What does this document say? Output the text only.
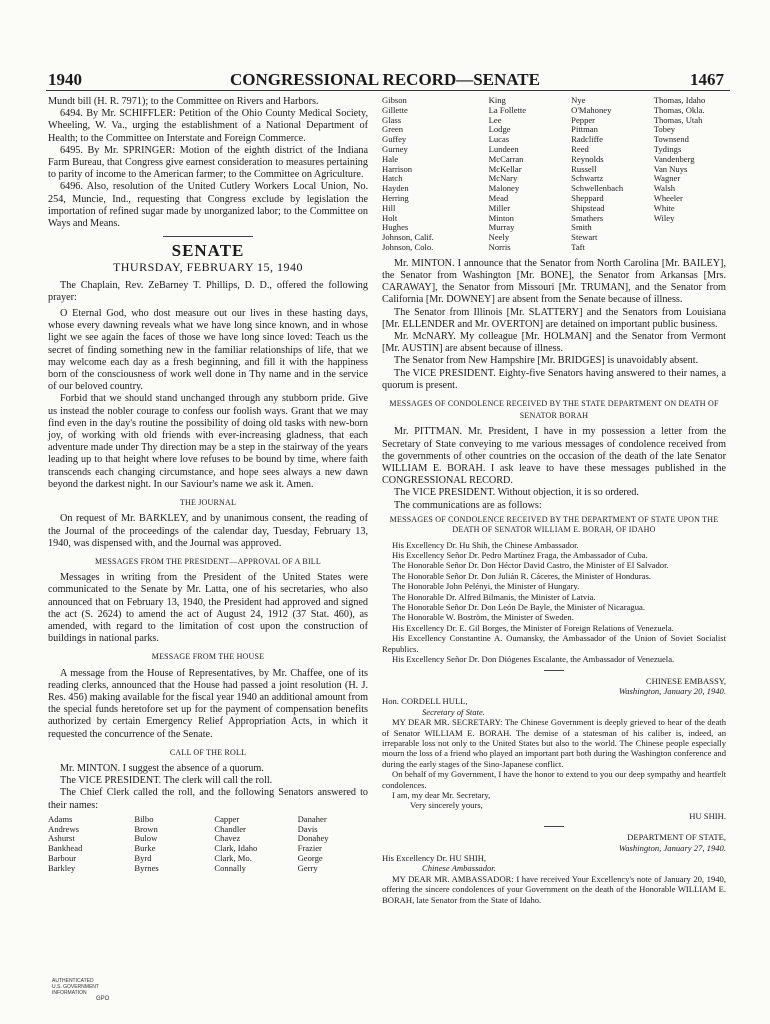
1940	CONGRESSIONAL RECORD—SENATE	1467

Mundt bill (H. R. 7971); to the Committee on Rivers and Harbors.

6494. By Mr. SCHIFFLER: Petition of the Ohio County Medical Society, Wheeling, W. Va., urging the establishment of a National Department of Health; to the Committee on Interstate and Foreign Commerce.

6495. By Mr. SPRINGER: Motion of the eighth district of the Indiana Farm Bureau, that Congress give earnest consideration to measures pertaining to parity of income to the American farmer; to the Committee on Agriculture.

6496. Also, resolution of the United Cutlery Workers Local Union, No. 254, Muncie, Ind., requesting that Congress exclude by legislation the importation of refined sugar made by unorganized labor; to the Committee on Ways and Means.

SENATE
THURSDAY, FEBRUARY 15, 1940

The Chaplain, Rev. ZeBarney T. Phillips, D. D., offered the following prayer:

O Eternal God, who dost measure out our lives in these hasting days, whose every dawning reveals what we have long since known, and in whose light we see again the faces of those we have long since loved: Teach us the secret of finding something new in the familiar relationships of life, that we may welcome each day as a fresh beginning, and fill it with the happiness born of the consciousness of work well done in Thy name and in the service of our beloved country.

Forbid that we should stand unchanged through any stubborn pride. Give us instead the nobler courage to confess our foolish ways. Grant that we may find even in the day's routine the possibility of doing old tasks with new-born joy, of working with old friends with ever-increasing gladness, that each adventure made under Thy direction may be a step in the stairway of the years leading up to that height where love refuses to be bound by time, where faith transcends each changing circumstance, and hope sees always a new dawn beyond the darkest night. In our Saviour's name we ask it. Amen.

THE JOURNAL

On request of Mr. BARKLEY, and by unanimous consent, the reading of the Journal of the proceedings of the calendar day, Tuesday, February 13, 1940, was dispensed with, and the Journal was approved.

MESSAGES FROM THE PRESIDENT—APPROVAL OF A BILL

Messages in writing from the President of the United States were communicated to the Senate by Mr. Latta, one of his secretaries, who also announced that on February 13, 1940, the President had approved and signed the act (S. 2624) to amend the act of August 24, 1912 (37 Stat. 460), as amended, with regard to the limitation of cost upon the construction of buildings in national parks.

MESSAGE FROM THE HOUSE

A message from the House of Representatives, by Mr. Chaffee, one of its reading clerks, announced that the House had passed a joint resolution (H. J. Res. 456) making available for the fiscal year 1940 an additional amount from the special funds heretofore set up for the payment of compensation benefits authorized by certain Emergency Relief Appropriation Acts, in which it requested the concurrence of the Senate.

CALL OF THE ROLL

Mr. MINTON. I suggest the absence of a quorum.

The VICE PRESIDENT. The clerk will call the roll.

The Chief Clerk called the roll, and the following Senators answered to their names:

Adams
Andrews
Ashurst
Bankhead
Barbour
Barkley
Bilbo
Brown
Bulow
Burke
Byrd
Byrnes
Capper
Chandler
Chavez
Clark, Idaho
Clark, Mo.
Connally
Danaher
Davis
Donahey
Frazier
George
Gerry
AUTHENTICATED
U.S. GOVERNMENT
INFORMATION
GPO
Gibson
Gillette
Glass
Green
Guffey
Gurney
Hale
Harrison
Hatch
Hayden
Herring
Hill
Holt
Hughes
Johnson, Calif.
Johnson, Colo.
King
La Follette
Lee
Lodge
Lucas
Lundeen
McCarran
McKellar
McNary
Maloney
Mead
Miller
Minton
Murray
Neely
Norris
Nye
O'Mahoney
Pepper
Pittman
Radcliffe
Reed
Reynolds
Russell
Schwartz
Schwellenbach
Sheppard
Shipstead
Smathers
Smith
Stewart
Taft
Thomas, Idaho
Thomas, Okla.
Thomas, Utah
Tobey
Townsend
Tydings
Vandenberg
Van Nuys
Wagner
Walsh
Wheeler
White
Wiley

Mr. MINTON. I announce that the Senator from North Carolina [Mr. BAILEY], the Senator from Washington [Mr. BONE], the Senator from Arkansas [Mrs. CARAWAY], the Senator from Missouri [Mr. TRUMAN], and the Senator from California [Mr. DOWNEY] are absent from the Senate because of illness.

The Senator from Illinois [Mr. SLATTERY] and the Senators from Louisiana [Mr. ELLENDER and Mr. OVERTON] are detained on important public business.

Mr. McNARY. My colleague [Mr. HOLMAN] and the Senator from Vermont [Mr. AUSTIN] are absent because of illness.

The Senator from New Hampshire [Mr. BRIDGES] is unavoidably absent.

The VICE PRESIDENT. Eighty-five Senators having answered to their names, a quorum is present.

MESSAGES OF CONDOLENCE RECEIVED BY THE STATE DEPARTMENT ON DEATH OF SENATOR BORAH

Mr. PITTMAN. Mr. President, I have in my possession a letter from the Secretary of State conveying to me various messages of condolence received from the governments of other countries on the occasion of the death of the late Senator WILLIAM E. BORAH. I ask leave to have these messages published in the CONGRESSIONAL RECORD.

The VICE PRESIDENT. Without objection, it is so ordered.

The communications are as follows:

MESSAGES OF CONDOLENCE RECEIVED BY THE DEPARTMENT OF STATE UPON THE DEATH OF SENATOR WILLIAM E. BORAH, OF IDAHO

His Excellency Dr. Hu Shih, the Chinese Ambassador.

His Excellency Señor Dr. Pedro Martínez Fraga, the Ambassador of Cuba.

The Honorable Señor Dr. Don Héctor David Castro, the Minister of El Salvador.

The Honorable Señor Dr. Don Julián R. Cáceres, the Minister of Honduras.

The Honorable John Pelényi, the Minister of Hungary.

The Honorable Dr. Alfred Bilmanis, the Minister of Latvia.

The Honorable Señor Dr. Don León De Bayle, the Minister of Nicaragua.

The Honorable W. Boström, the Minister of Sweden.

His Excellency Dr. E. Gil Borges, the Minister of Foreign Relations of Venezuela.

His Excellency Constantine A. Oumansky, the Ambassador of the Union of Soviet Socialist Republics.

His Excellency Señor Dr. Don Diógenes Escalante, the Ambassador of Venezuela.

CHINESE EMBASSY,
Washington, January 20, 1940.
Hon. CORDELL HULL,
Secretary of State.

MY DEAR MR. SECRETARY: The Chinese Government is deeply grieved to hear of the death of Senator WILLIAM E. BORAH. The demise of a statesman of his caliber is, indeed, an irreparable loss not only to the United States but also to the world. The Chinese people especially mourn the loss of a friend who played an important part both during the Washington conference and during the early stages of the Sino-Japanese conflict.

On behalf of my Government, I have the honor to extend to you our deep sympathy and heartfelt condolences.

I am, my dear Mr. Secretary,

Very sincerely yours,
HU SHIH.
DEPARTMENT OF STATE,
Washington, January 27, 1940.
His Excellency Dr. HU SHIH,
Chinese Ambassador.

MY DEAR MR. AMBASSADOR: I have received Your Excellency's note of January 20, 1940, offering the sincere condolences of your Government on the death of the Honorable WILLIAM E. BORAH, late Senator from the State of Idaho.
